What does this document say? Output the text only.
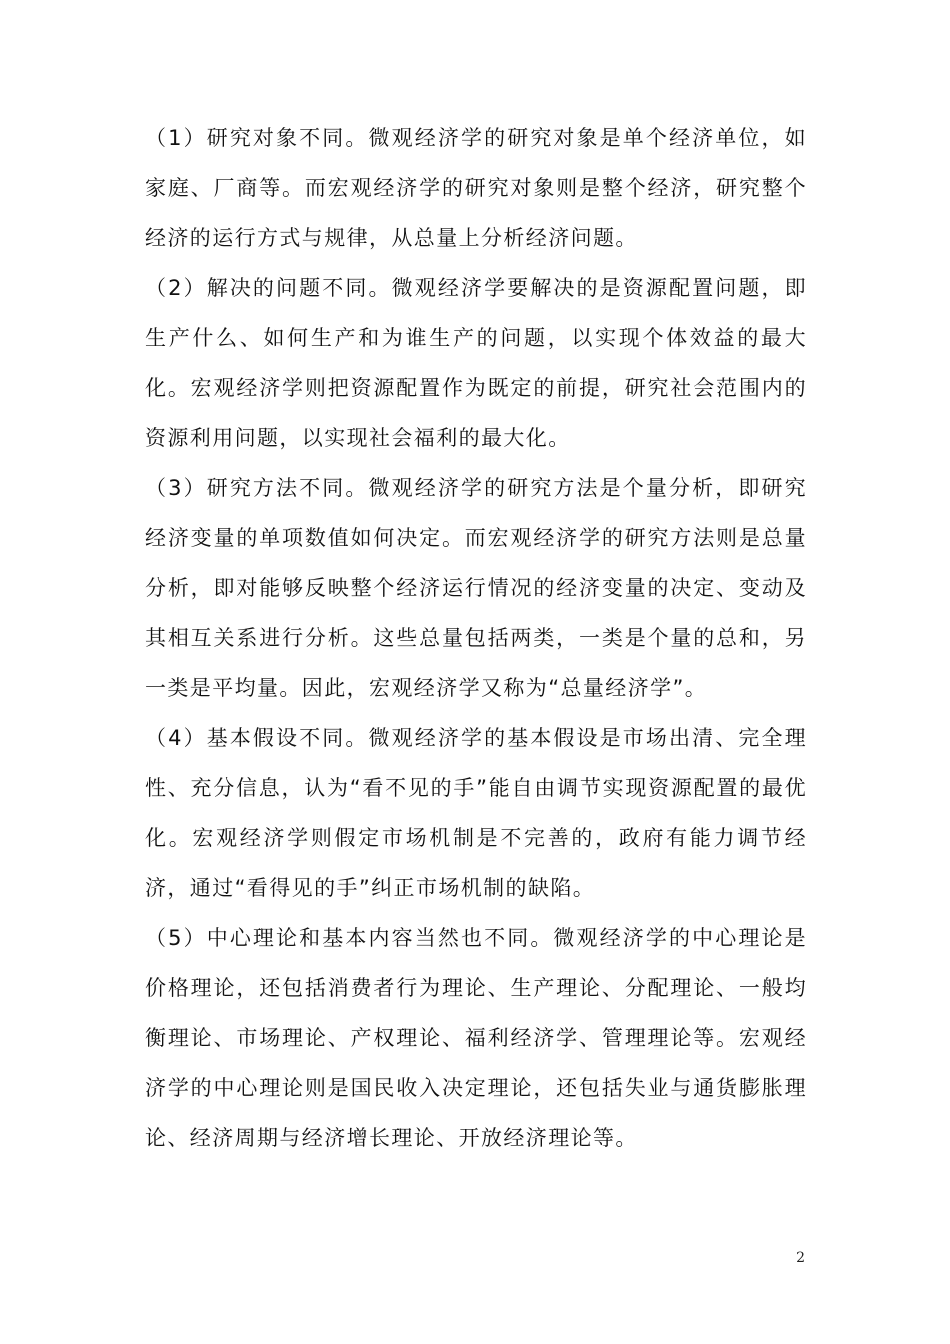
（1）研究对象不同。微观经济学的研究对象是单个经济单位，如家庭、厂商等。而宏观经济学的研究对象则是整个经济，研究整个经济的运行方式与规律，从总量上分析经济问题。

（2）解决的问题不同。微观经济学要解决的是资源配置问题，即生产什么、如何生产和为谁生产的问题，以实现个体效益的最大化。宏观经济学则把资源配置作为既定的前提，研究社会范围内的资源利用问题，以实现社会福利的最大化。

（3）研究方法不同。微观经济学的研究方法是个量分析，即研究经济变量的单项数值如何决定。而宏观经济学的研究方法则是总量分析，即对能够反映整个经济运行情况的经济变量的决定、变动及其相互关系进行分析。这些总量包括两类，一类是个量的总和，另一类是平均量。因此，宏观经济学又称为“总量经济学”。

（4）基本假设不同。微观经济学的基本假设是市场出清、完全理性、充分信息，认为“看不见的手”能自由调节实现资源配置的最优化。宏观经济学则假定市场机制是不完善的，政府有能力调节经济，通过“看得见的手”纠正市场机制的缺陷。

（5）中心理论和基本内容当然也不同。微观经济学的中心理论是价格理论，还包括消费者行为理论、生产理论、分配理论、一般均衡理论、市场理论、产权理论、福利经济学、管理理论等。宏观经济学的中心理论则是国民收入决定理论，还包括失业与通货膨胀理论、经济周期与经济增长理论、开放经济理论等。

2
